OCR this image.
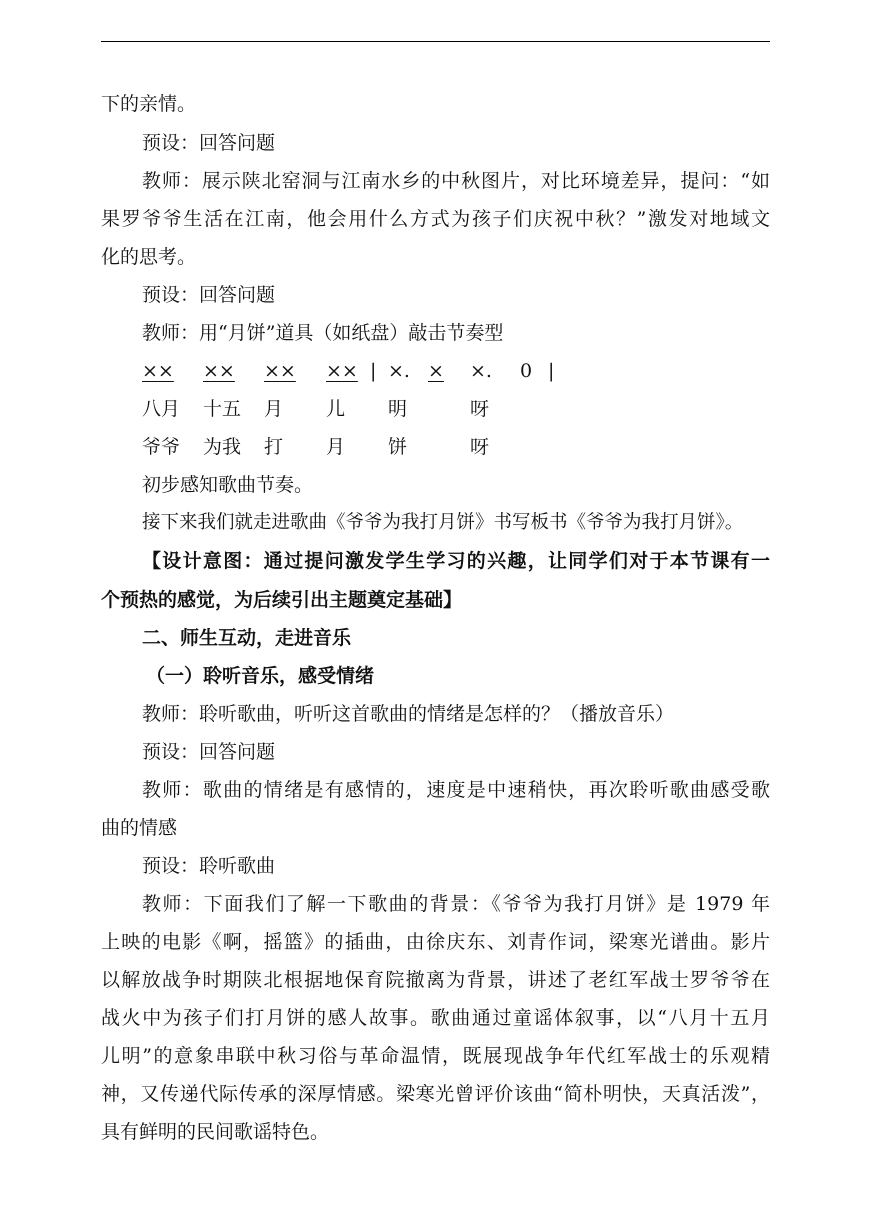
下的亲情。
预设：回答问题
教师：展示陕北窑洞与江南水乡的中秋图片，对比环境差异，提问：“如
果罗爷爷生活在江南，他会用什么方式为孩子们庆祝中秋？”激发对地域文
化的思考。
预设：回答问题
教师：用“月饼”道具（如纸盘）敲击节奏型
×× ×× ×× ×× | ×. × ×. 0 |
八月 十五 月 儿 明	呀
爷爷 为我 打 月 饼	呀
初步感知歌曲节奏。
接下来我们就走进歌曲《爷爷为我打月饼》书写板书《爷爷为我打月饼》。
【设计意图：通过提问激发学生学习的兴趣，让同学们对于本节课有一
个预热的感觉，为后续引出主题奠定基础】
二、师生互动，走进音乐
（一）聆听音乐，感受情绪
教师：聆听歌曲，听听这首歌曲的情绪是怎样的？（播放音乐）
预设：回答问题
教师：歌曲的情绪是有感情的，速度是中速稍快，再次聆听歌曲感受歌
曲的情感
预设：聆听歌曲
教师：下面我们了解一下歌曲的背景：《爷爷为我打月饼》是 1979 年
上映的电影《啊，摇篮》的插曲，由徐庆东、刘青作词，梁寒光谱曲。影片
以解放战争时期陕北根据地保育院撤离为背景，讲述了老红军战士罗爷爷在
战火中为孩子们打月饼的感人故事。歌曲通过童谣体叙事，以“八月十五月
儿明”的意象串联中秋习俗与革命温情，既展现战争年代红军战士的乐观精
神，又传递代际传承的深厚情感。梁寒光曾评价该曲“简朴明快，天真活泼”，
具有鲜明的民间歌谣特色。
